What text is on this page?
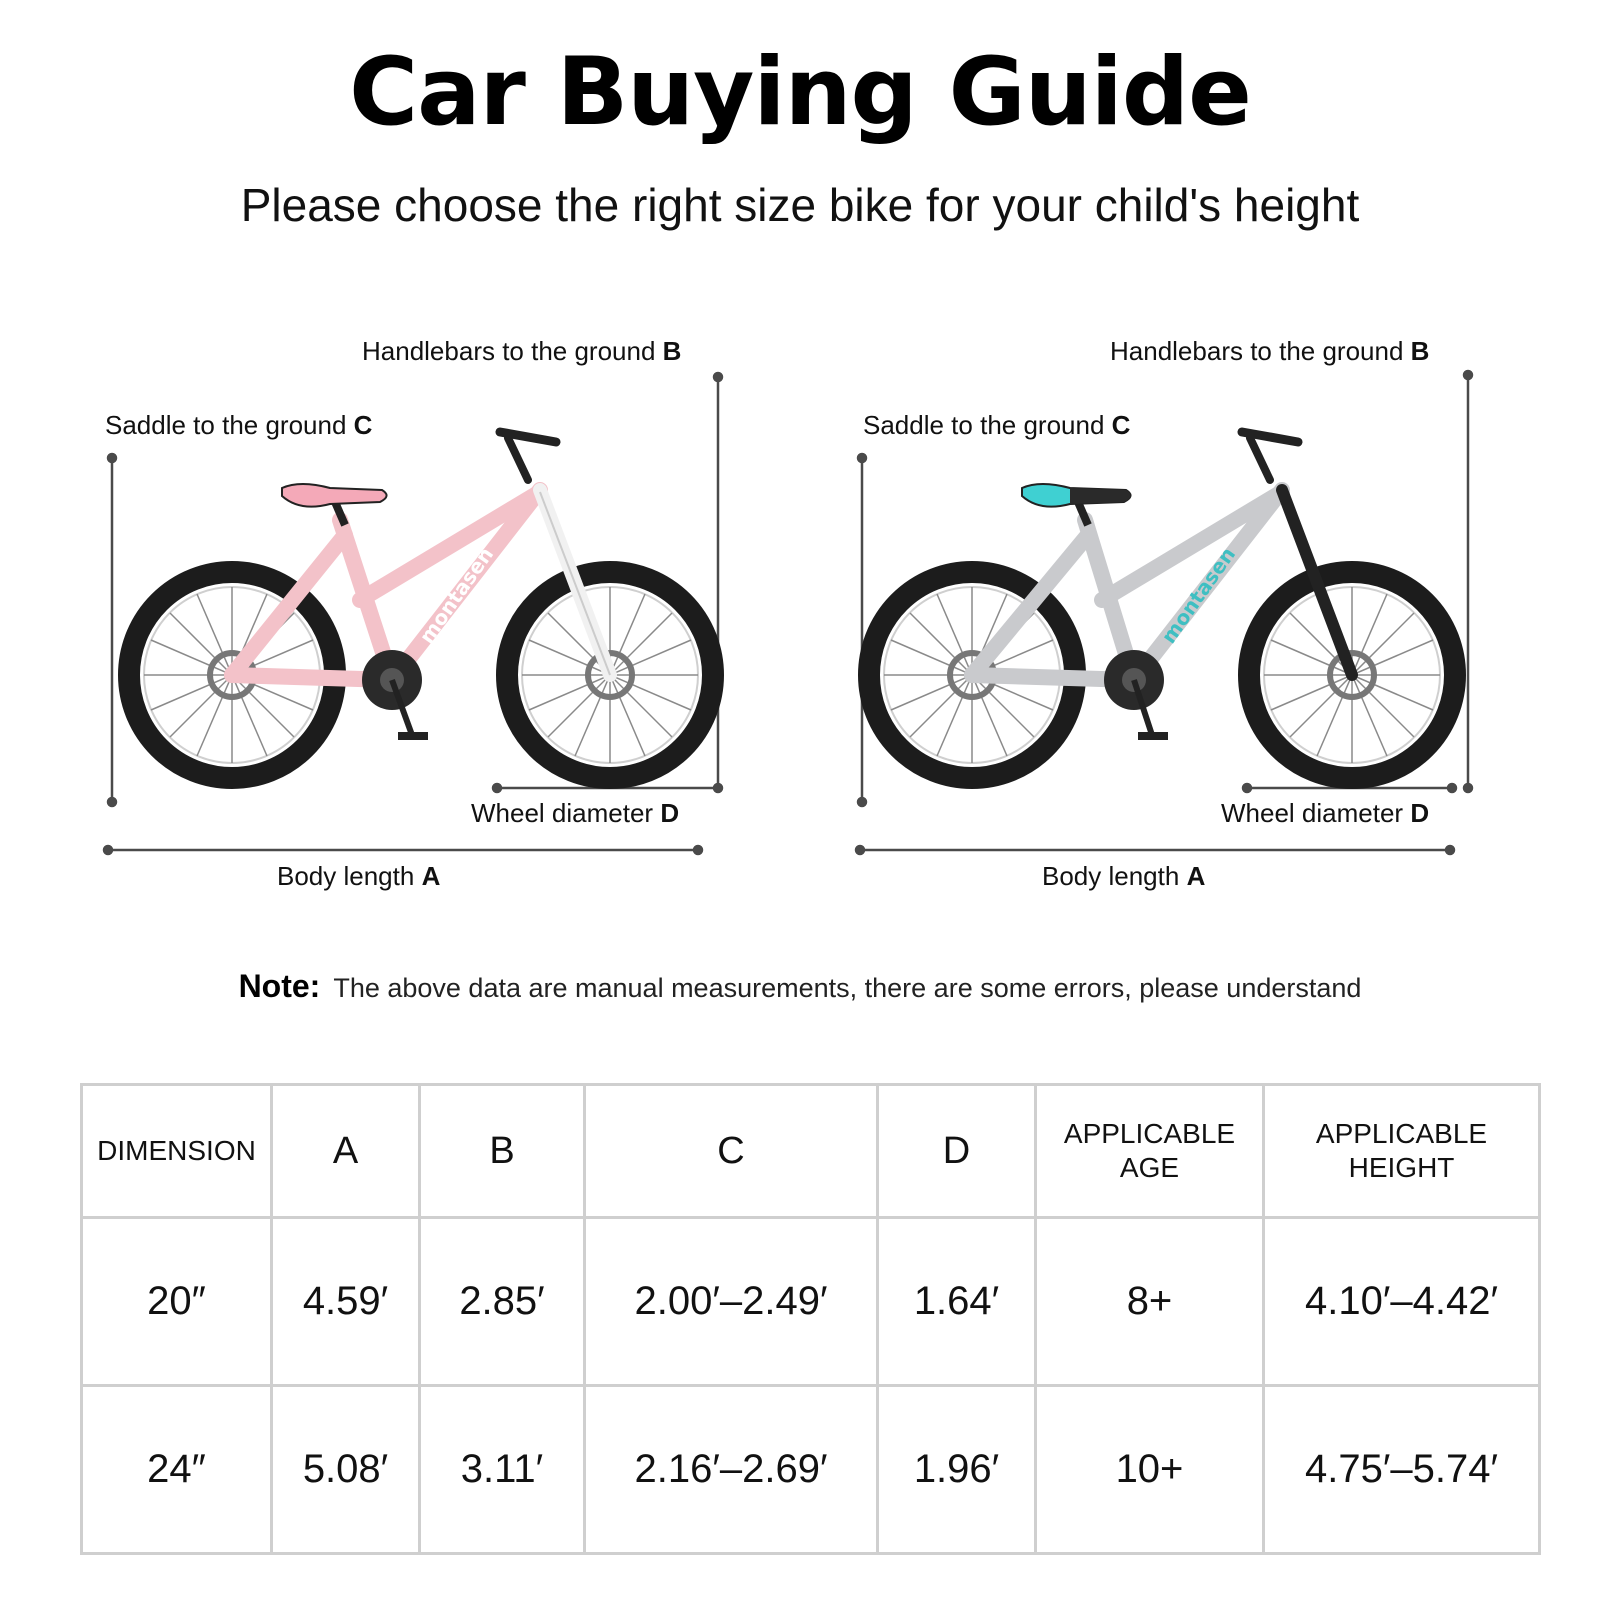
Car Buying Guide
Please choose the right size bike for your child's height
montasen
Handlebars to the ground B
Saddle to the ground C
Wheel diameter D
Body length A
montasen
Handlebars to the ground B
Saddle to the ground C
Wheel diameter D
Body length A
Note: The above data are manual measurements, there are some errors, please understand
DIMENSION	A	B	C	D	APPLICABLE AGE	APPLICABLE HEIGHT
20″	4.59′	2.85′	2.00′–2.49′	1.64′	8+	4.10′–4.42′
24″	5.08′	3.11′	2.16′–2.69′	1.96′	10+	4.75′–5.74′
